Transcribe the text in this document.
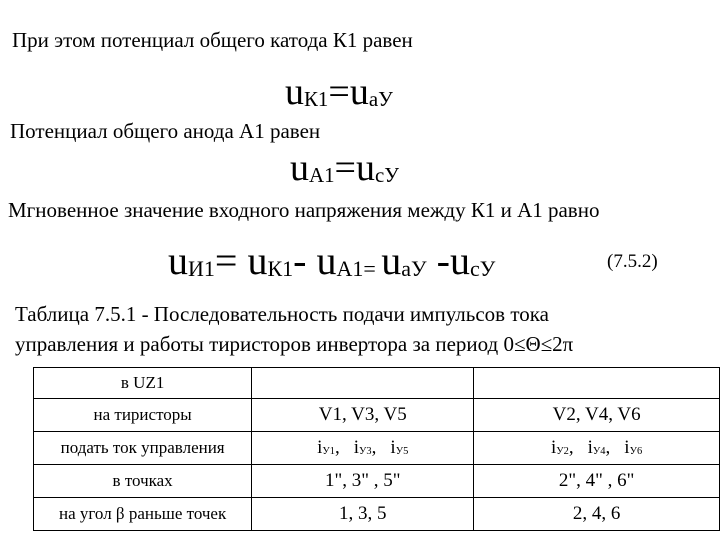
При этом потенциал общего катода К1 равен
$u_{К1}=u_{аУ}$
Потенциал общего анода А1 равен
$u_{А1}=u_{сУ}$
Мгновенное значение входного напряжения между К1 и А1 равно
$u_{И1}= u_{К1}-$ $u_{А1=}$ $u_{аУ}$ $-u_{сУ}$	(7.5.2)
Таблица 7.5.1 - Последовательность подачи импульсов тока
управления и работы тиристоров инвертора за период 0≤Θ≤2π
в UZ1		
на тиристоры	V1, V3, V5	V2, V4, V6
подать ток управления	$i_{У1}$, $i_{У3}$, $i_{У5}$	$i_{У2}$, $i_{У4}$, $i_{У6}$
в точках	1", 3" , 5"	2", 4" , 6"
на угол β раньше точек	1, 3, 5	2, 4, 6
